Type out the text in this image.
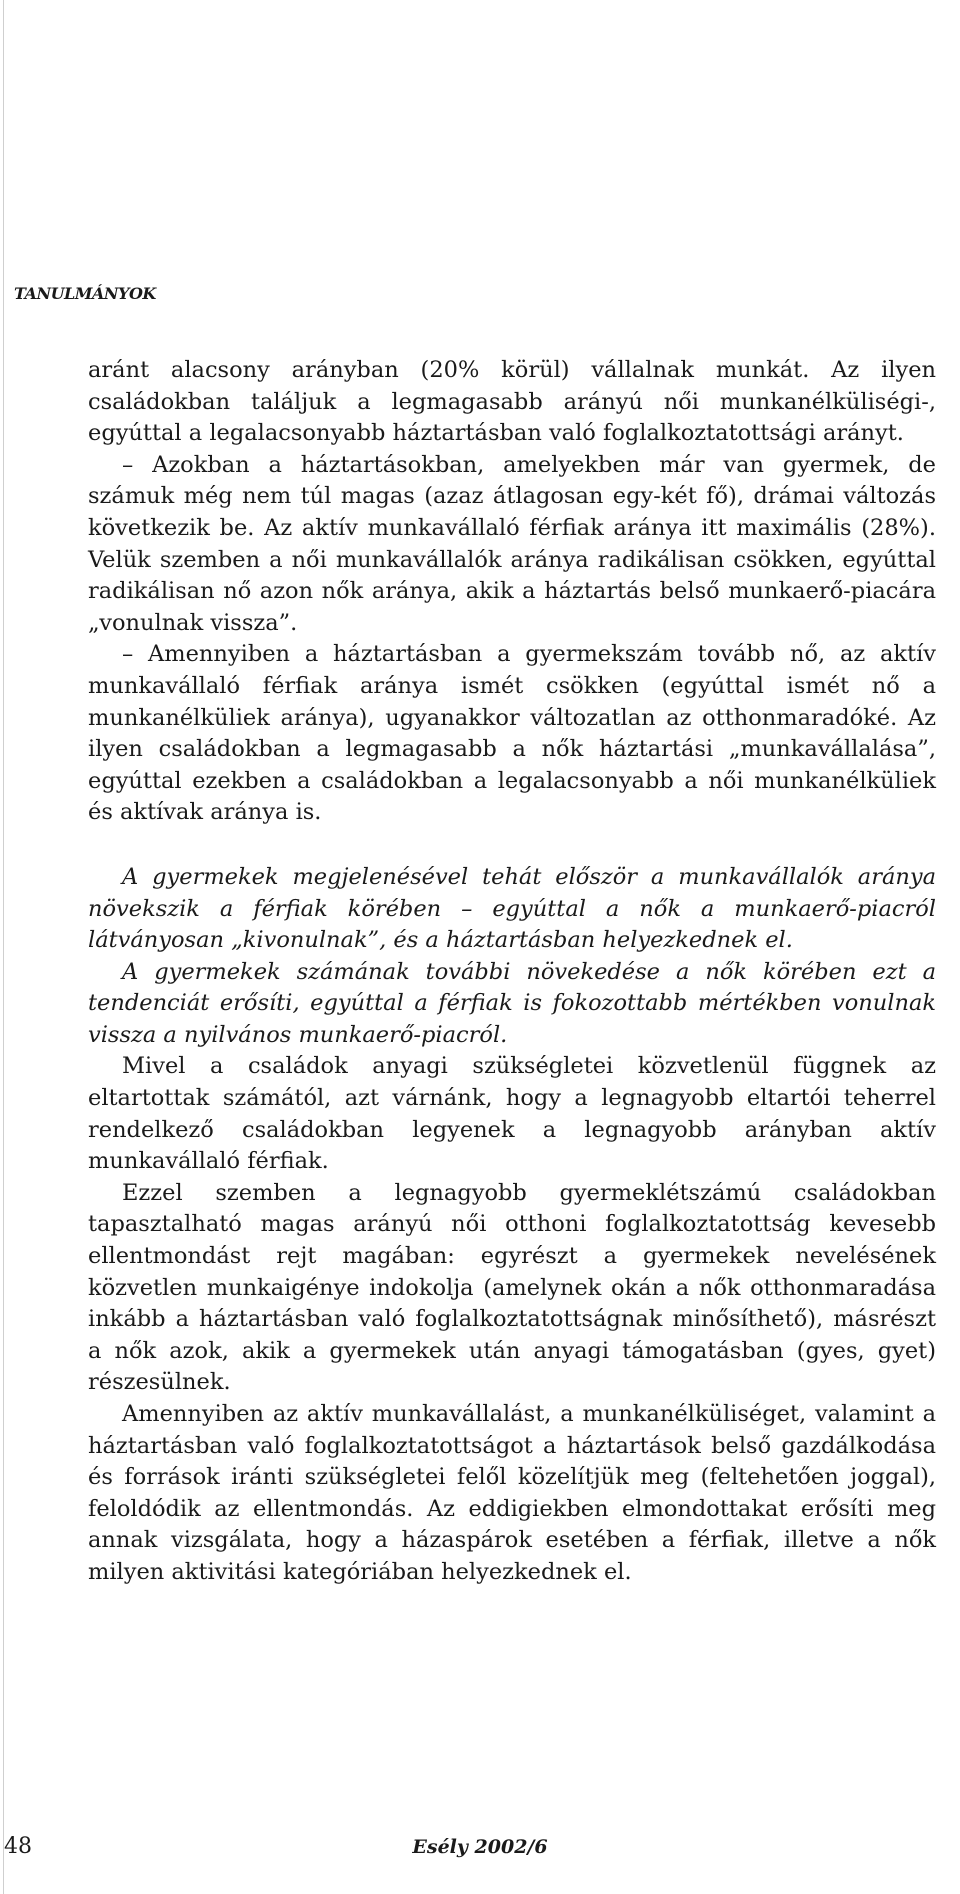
TANULMÁNYOK

aránt alacsony arányban (20% körül) vállalnak munkát. Az ilyen családokban találjuk a legmagasabb arányú női munkanélküliségi-, egyúttal a legalacsonyabb háztartásban való foglalkoztatottsági arányt.

– Azokban a háztartásokban, amelyekben már van gyermek, de számuk még nem túl magas (azaz átlagosan egy-két fő), drámai változás következik be. Az aktív munkavállaló férfiak aránya itt maximális (28%). Velük szemben a női munkavállalók aránya radikálisan csökken, egyúttal radikálisan nő azon nők aránya, akik a háztartás belső munkaerő-piacára „vonulnak vissza”.

– Amennyiben a háztartásban a gyermekszám tovább nő, az aktív munkavállaló férfiak aránya ismét csökken (egyúttal ismét nő a munkanélküliek aránya), ugyanakkor változatlan az otthonmaradóké. Az ilyen családokban a legmagasabb a nők háztartási „munkavállalása”, egyúttal ezekben a családokban a legalacsonyabb a női munkanélküliek és aktívak aránya is.

A gyermekek megjelenésével tehát először a munkavállalók aránya növekszik a férfiak körében – egyúttal a nők a munkaerő-piacról látványosan „kivonulnak”, és a háztartásban helyezkednek el.

A gyermekek számának további növekedése a nők körében ezt a tendenciát erősíti, egyúttal a férfiak is fokozottabb mértékben vonulnak vissza a nyilvános munkaerő-piacról.

Mivel a családok anyagi szükségletei közvetlenül függnek az eltartottak számától, azt várnánk, hogy a legnagyobb eltartói teherrel rendelkező családokban legyenek a legnagyobb arányban aktív munkavállaló férfiak.

Ezzel szemben a legnagyobb gyermeklétszámú családokban tapasztalható magas arányú női otthoni foglalkoztatottság kevesebb ellentmondást rejt magában: egyrészt a gyermekek nevelésének közvetlen munkaigénye indokolja (amelynek okán a nők otthonmaradása inkább a háztartásban való foglalkoztatottságnak minősíthető), másrészt a nők azok, akik a gyermekek után anyagi támogatásban (gyes, gyet) részesülnek.

Amennyiben az aktív munkavállalást, a munkanélküliséget, valamint a háztartásban való foglalkoztatottságot a háztartások belső gazdálkodása és források iránti szükségletei felől közelítjük meg (feltehetően joggal), feloldódik az ellentmondás. Az eddigiekben elmondottakat erősíti meg annak vizsgálata, hogy a házaspárok esetében a férfiak, illetve a nők milyen aktivitási kategóriában helyezkednek el.

48	Esély 2002/6
